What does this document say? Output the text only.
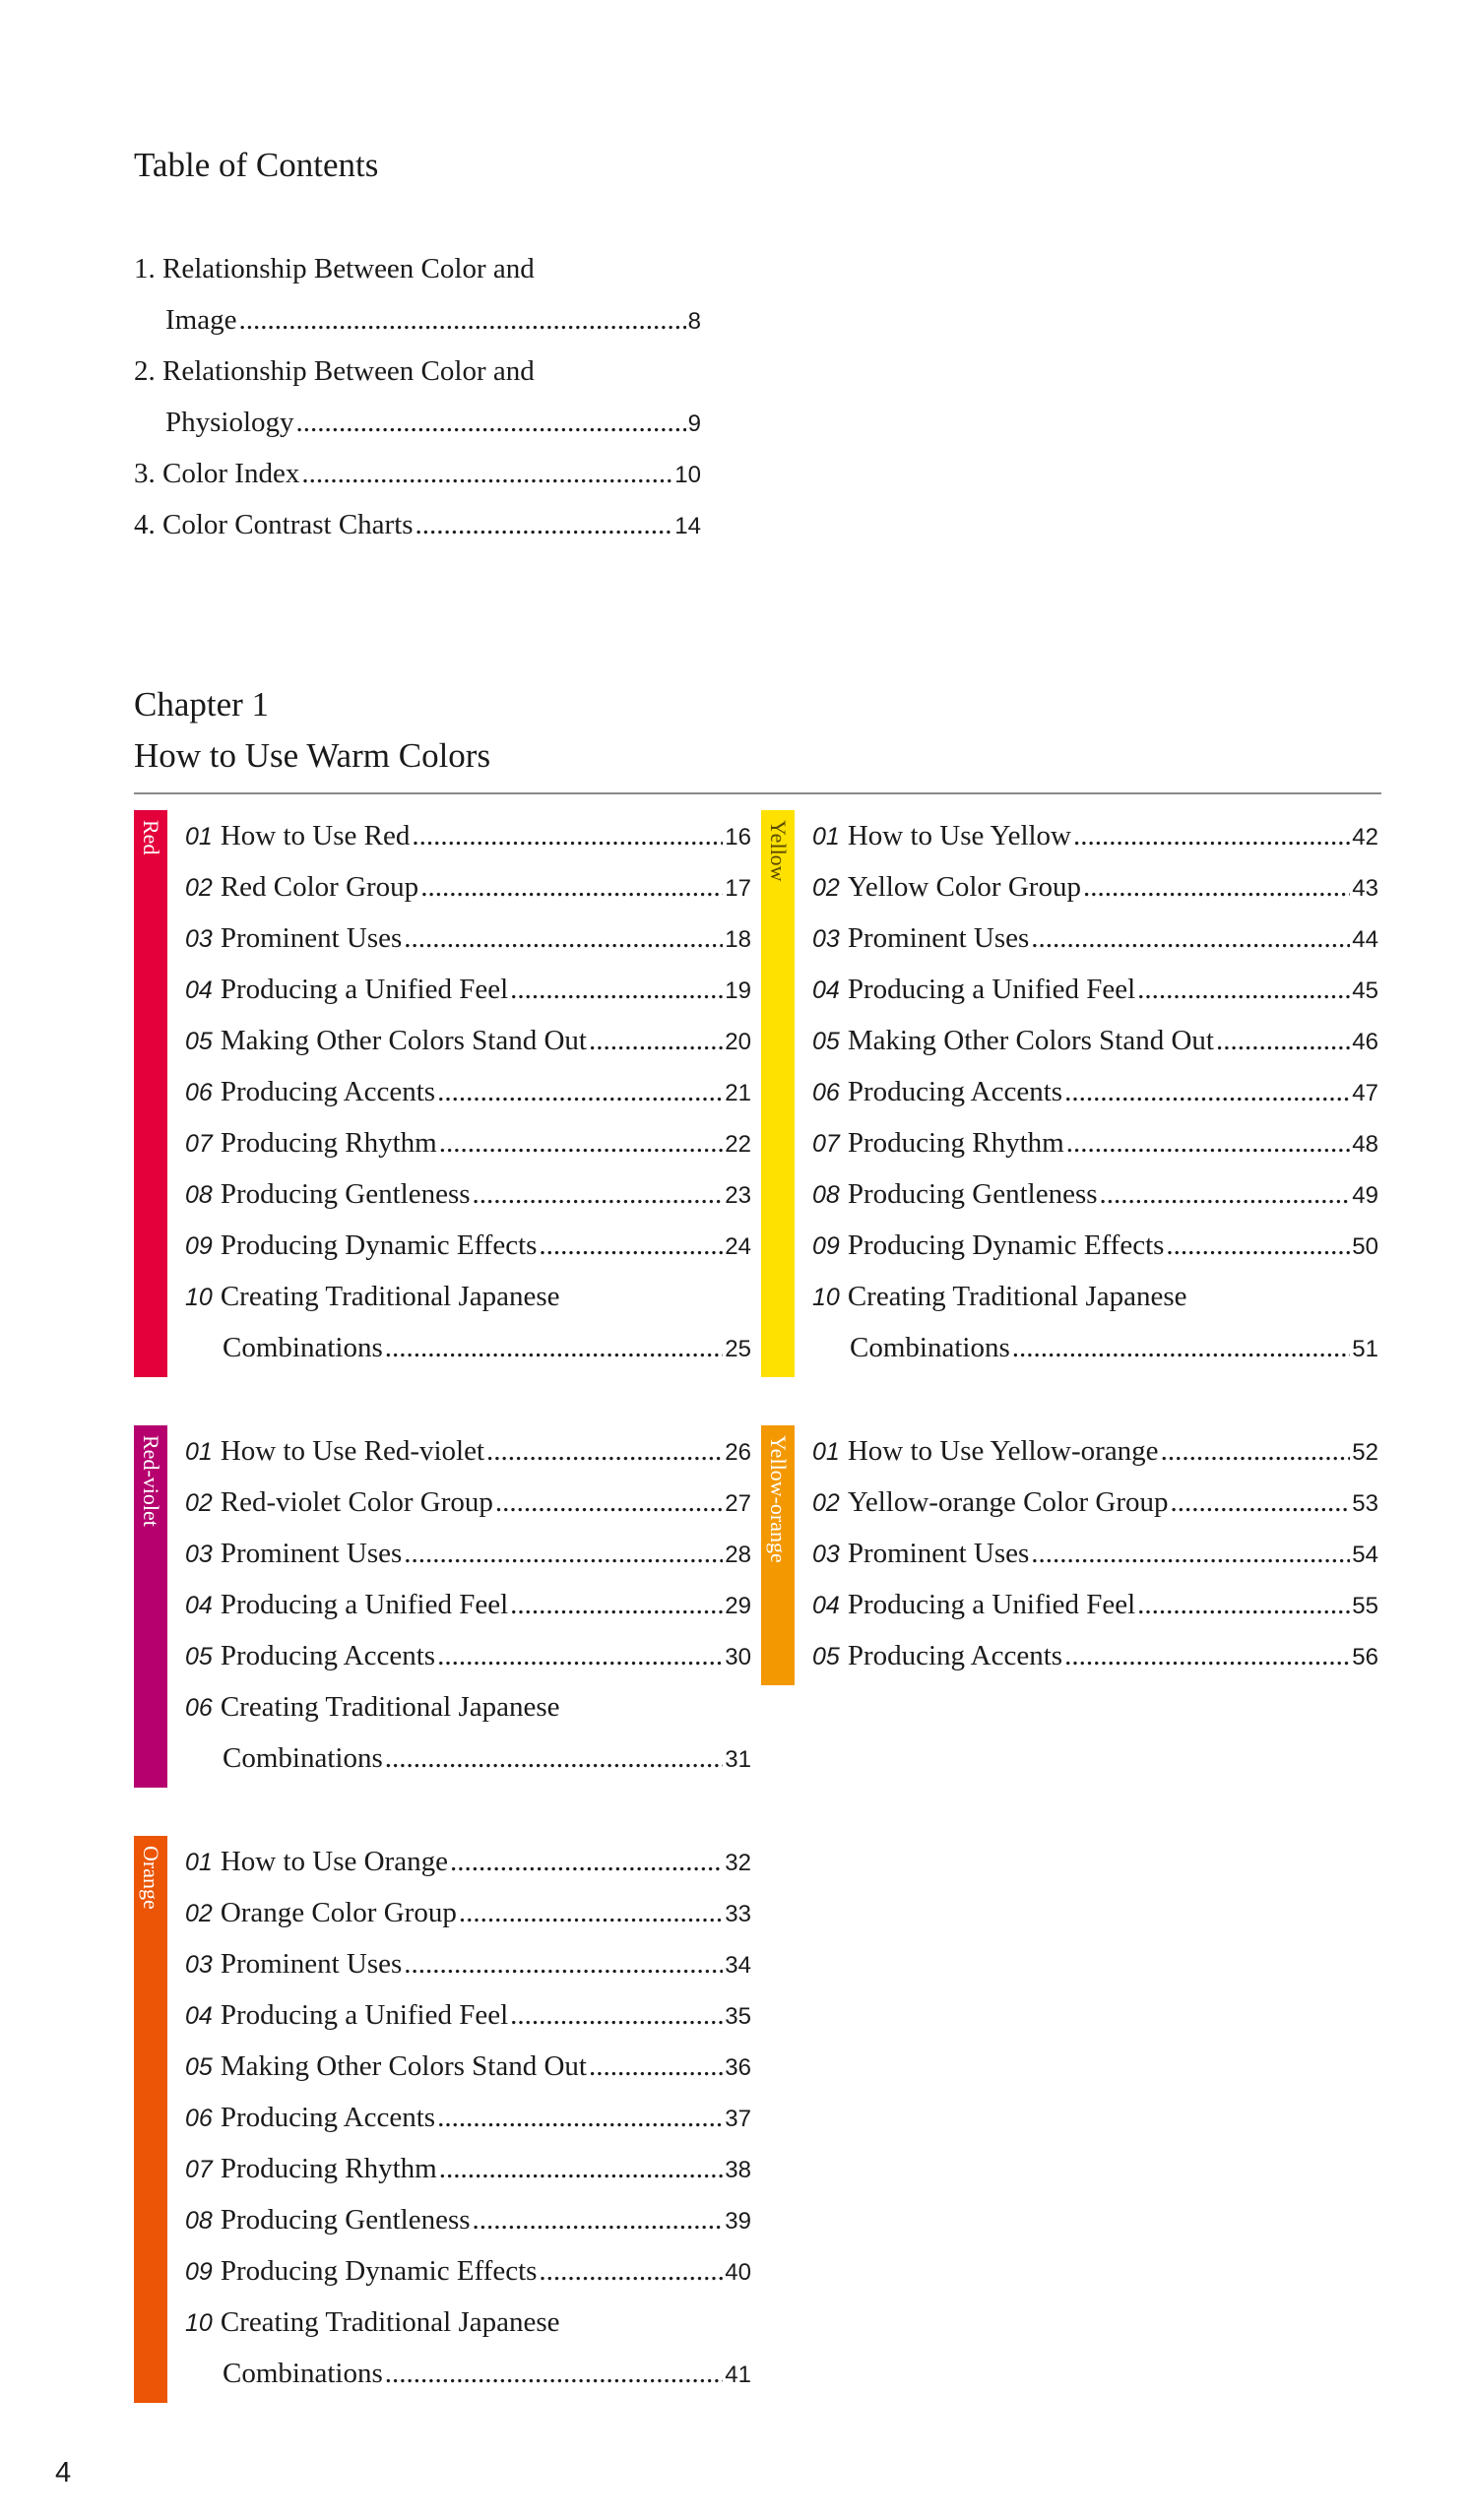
Table of Contents
1. Relationship Between Color and
Image .....	8
2. Relationship Between Color and
Physiology .....	9
3. Color Index .....	10
4. Color Contrast Charts .....	14
Chapter 1
How to Use Warm Colors
Red 01 How to Use Red .....	16
02 Red Color Group .....	17
03 Prominent Uses .....	18
04 Producing a Unified Feel .....	19
05 Making Other Colors Stand Out .....	20
06 Producing Accents .....	21
07 Producing Rhythm .....	22
08 Producing Gentleness .....	23
09 Producing Dynamic Effects .....	24
10 Creating Traditional Japanese
Combinations .....	25
Yellow 01 How to Use Yellow .....	42
02 Yellow Color Group .....	43
03 Prominent Uses .....	44
04 Producing a Unified Feel .....	45
05 Making Other Colors Stand Out .....	46
06 Producing Accents .....	47
07 Producing Rhythm .....	48
08 Producing Gentleness .....	49
09 Producing Dynamic Effects .....	50
10 Creating Traditional Japanese
Combinations .....	51
Red-violet 01 How to Use Red-violet .....	26
02 Red-violet Color Group .....	27
03 Prominent Uses .....	28
04 Producing a Unified Feel .....	29
05 Producing Accents .....	30
06 Creating Traditional Japanese
Combinations .....	31
Yellow-orange 01 How to Use Yellow-orange .....	52
02 Yellow-orange Color Group .....	53
03 Prominent Uses .....	54
04 Producing a Unified Feel .....	55
05 Producing Accents .....	56
Orange 01 How to Use Orange .....	32
02 Orange Color Group .....	33
03 Prominent Uses .....	34
04 Producing a Unified Feel .....	35
05 Making Other Colors Stand Out .....	36
06 Producing Accents .....	37
07 Producing Rhythm .....	38
08 Producing Gentleness .....	39
09 Producing Dynamic Effects .....	40
10 Creating Traditional Japanese
Combinations .....	41
4
